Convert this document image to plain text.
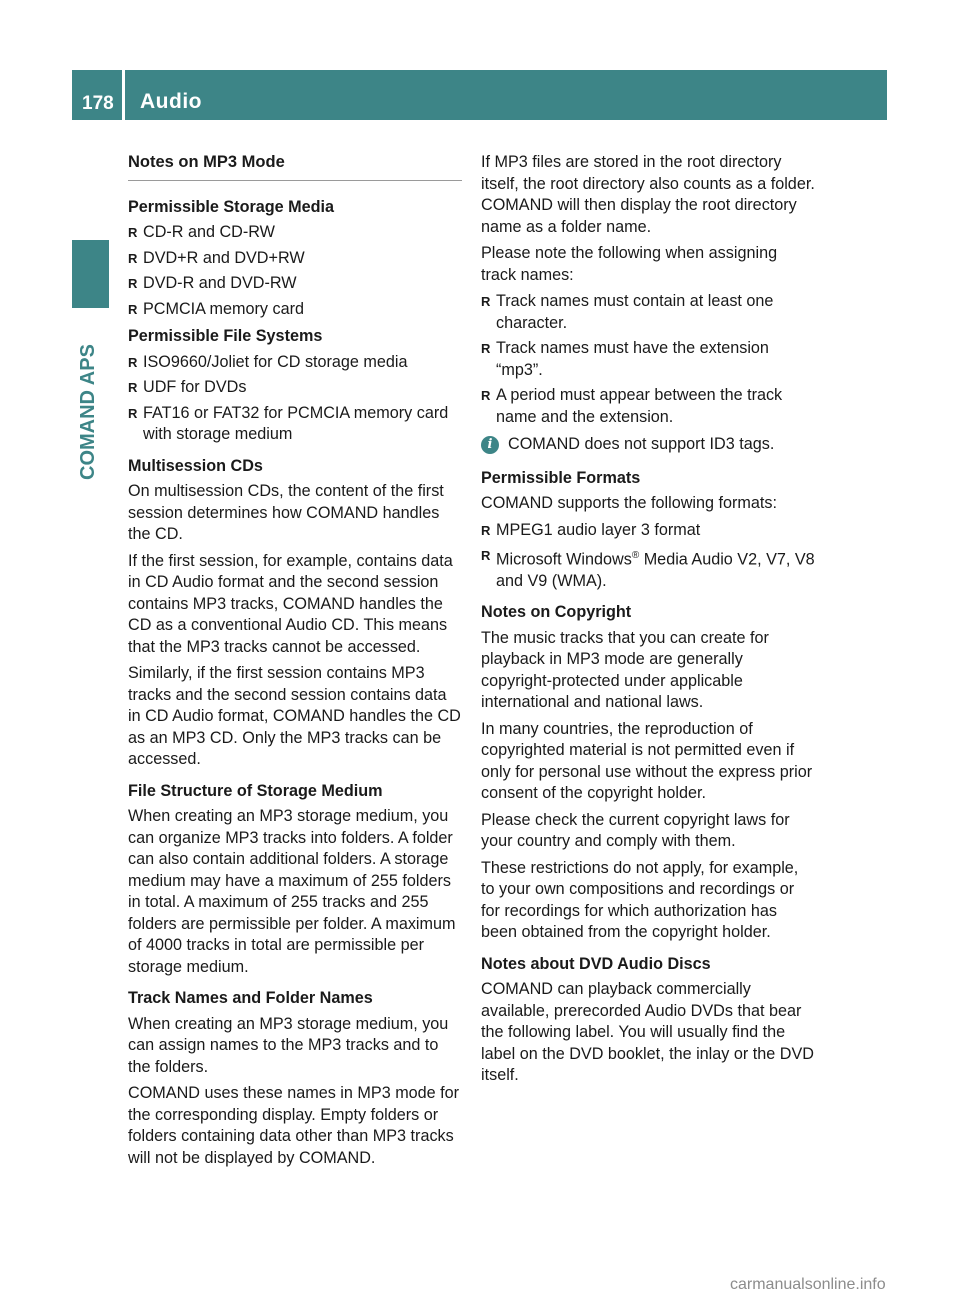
178 Audio
COMAND APS
Notes on MP3 Mode
Permissible Storage Media
R CD-R and CD-RW
R DVD+R and DVD+RW
R DVD-R and DVD-RW
R PCMCIA memory card
Permissible File Systems
R ISO9660/Joliet for CD storage media
R UDF for DVDs
R FAT16 or FAT32 for PCMCIA memory card with storage medium
Multisession CDs

On multisession CDs, the content of the first session determines how COMAND handles the CD.

If the first session, for example, contains data in CD Audio format and the second session contains MP3 tracks, COMAND handles the CD as a conventional Audio CD. This means that the MP3 tracks cannot be accessed.

Similarly, if the first session contains MP3 tracks and the second session contains data in CD Audio format, COMAND handles the CD as an MP3 CD. Only the MP3 tracks can be accessed.

File Structure of Storage Medium

When creating an MP3 storage medium, you can organize MP3 tracks into folders. A folder can also contain additional folders. A storage medium may have a maximum of 255 folders in total. A maximum of 255 tracks and 255 folders are permissible per folder. A maximum of 4000 tracks in total are permissible per storage medium.

Track Names and Folder Names

When creating an MP3 storage medium, you can assign names to the MP3 tracks and to the folders.

COMAND uses these names in MP3 mode for the corresponding display. Empty folders or folders containing data other than MP3 tracks will not be displayed by COMAND.

If MP3 files are stored in the root directory itself, the root directory also counts as a folder. COMAND will then display the root directory name as a folder name.

Please note the following when assigning track names:

R Track names must contain at least one character.
R Track names must have the extension “mp3”.
R A period must appear between the track name and the extension.
i COMAND does not support ID3 tags.
Permissible Formats

COMAND supports the following formats:

R MPEG1 audio layer 3 format
R Microsoft Windows® Media Audio V2, V7, V8 and V9 (WMA).
Notes on Copyright

The music tracks that you can create for playback in MP3 mode are generally copyright-protected under applicable international and national laws.

In many countries, the reproduction of copyrighted material is not permitted even if only for personal use without the express prior consent of the copyright holder.

Please check the current copyright laws for your country and comply with them.

These restrictions do not apply, for example, to your own compositions and recordings or for recordings for which authorization has been obtained from the copyright holder.

Notes about DVD Audio Discs

COMAND can playback commercially available, prerecorded Audio DVDs that bear the following label. You will usually find the label on the DVD booklet, the inlay or the DVD itself.

carmanualsonline.info
